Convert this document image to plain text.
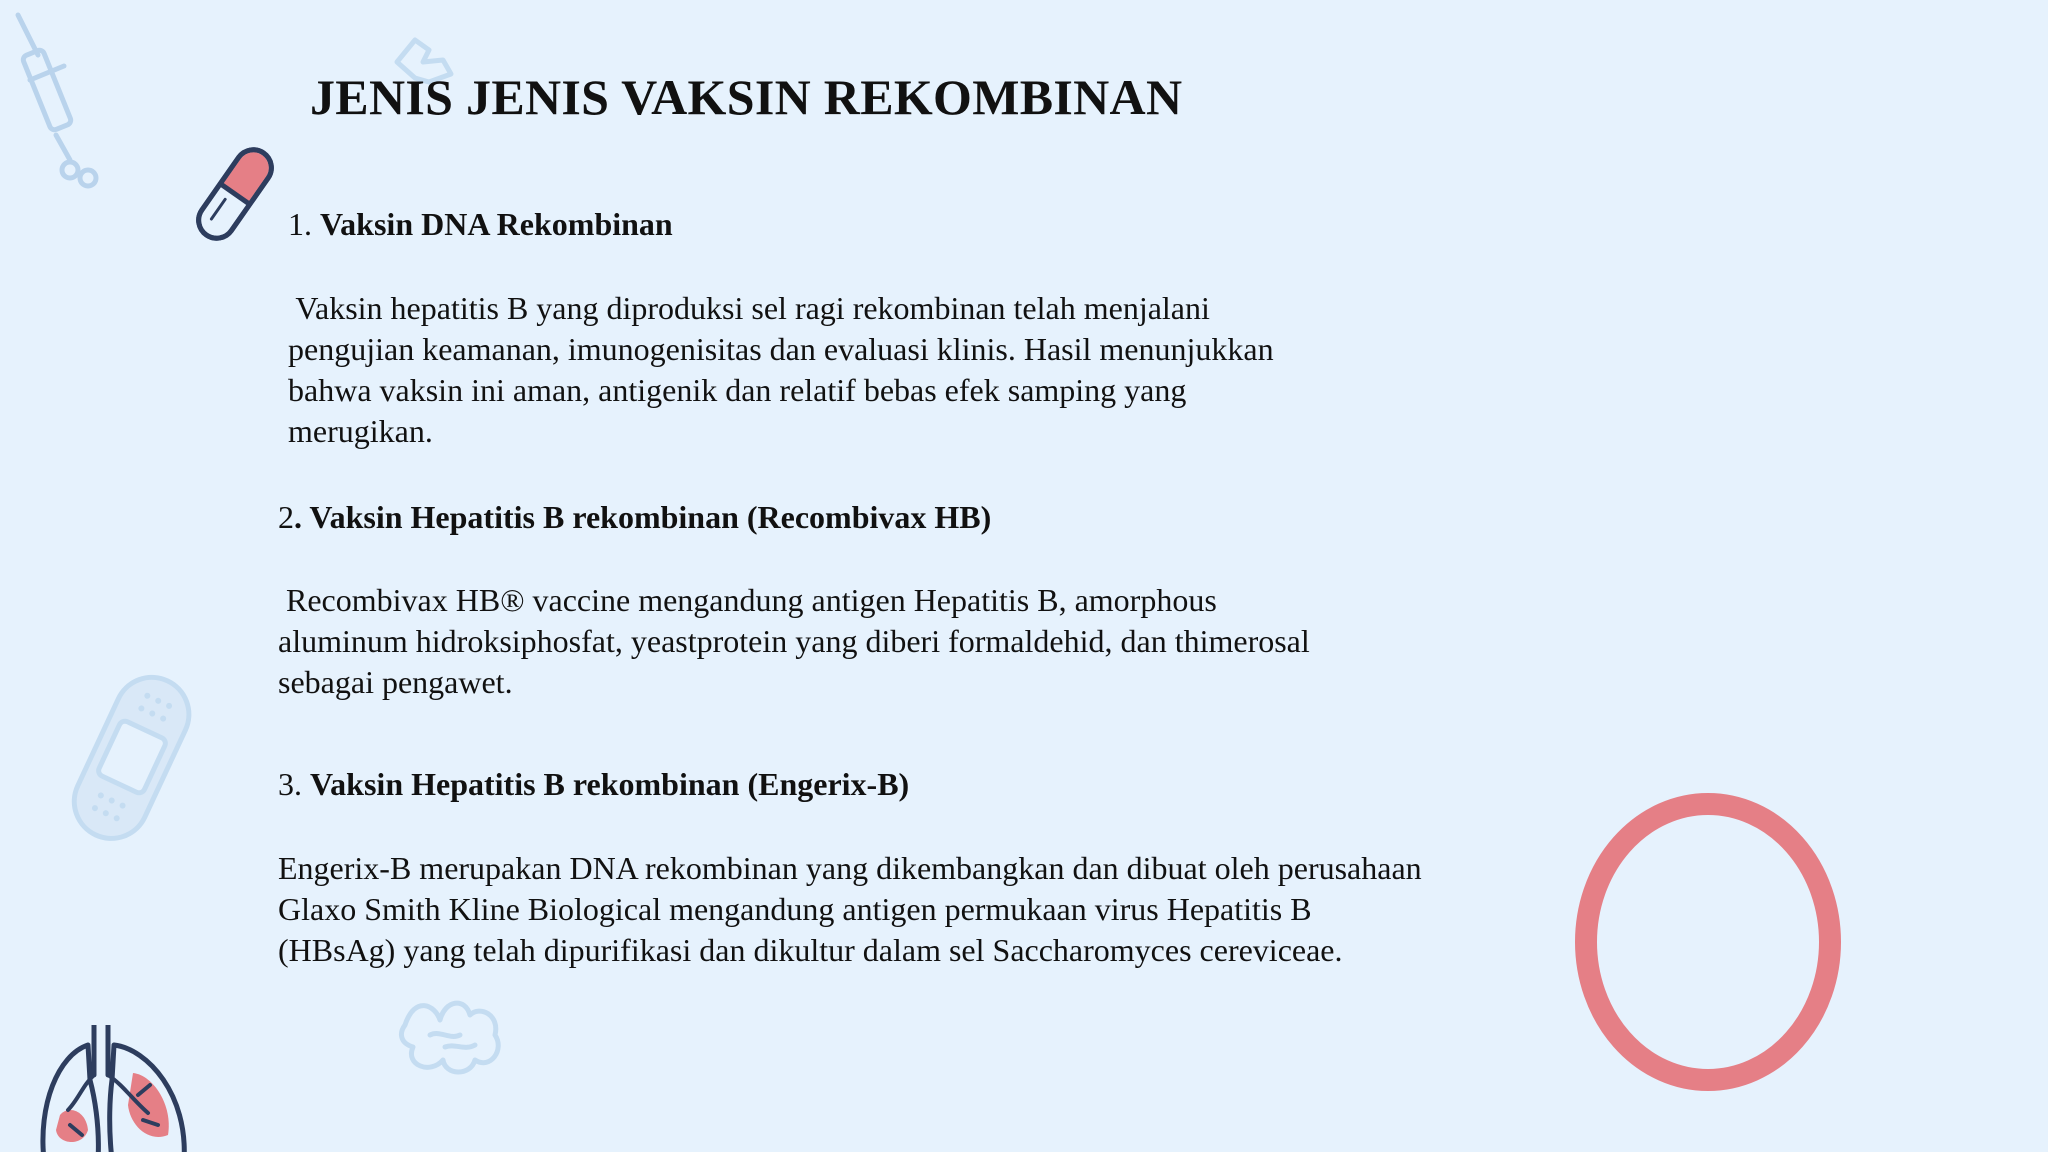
JENIS JENIS VAKSIN REKOMBINAN
1. Vaksin DNA Rekombinan
Vaksin hepatitis B yang diproduksi sel ragi rekombinan telah menjalani
pengujian keamanan, imunogenisitas dan evaluasi klinis. Hasil menunjukkan
bahwa vaksin ini aman, antigenik dan relatif bebas efek samping yang
merugikan.
2. Vaksin Hepatitis B rekombinan (Recombivax HB)
Recombivax HB® vaccine mengandung antigen Hepatitis B, amorphous
aluminum hidroksiphosfat, yeastprotein yang diberi formaldehid, dan thimerosal
sebagai pengawet.
3. Vaksin Hepatitis B rekombinan (Engerix-B)
Engerix-B merupakan DNA rekombinan yang dikembangkan dan dibuat oleh perusahaan
Glaxo Smith Kline Biological mengandung antigen permukaan virus Hepatitis B
(HBsAg) yang telah dipurifikasi dan dikultur dalam sel Saccharomyces cereviceae.
